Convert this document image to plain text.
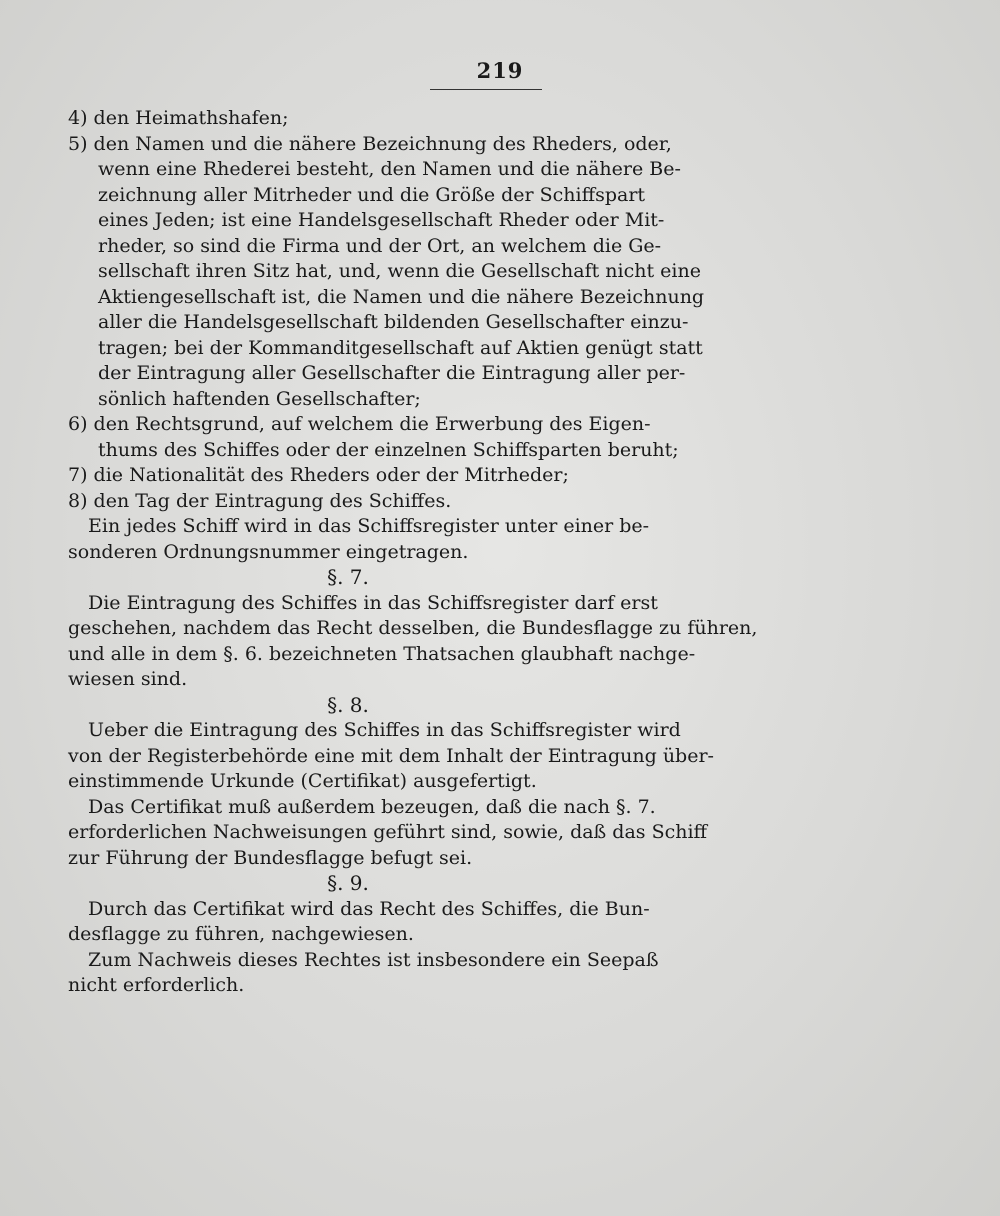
219
4) den Heimathshafen;
5) den Namen und die nähere Bezeichnung des Rheders, oder,
wenn eine Rhederei besteht, den Namen und die nähere Be-
zeichnung aller Mitrheder und die Größe der Schiffspart
eines Jeden; ist eine Handelsgesellschaft Rheder oder Mit-
rheder, so sind die Firma und der Ort, an welchem die Ge-
sellschaft ihren Sitz hat, und, wenn die Gesellschaft nicht eine
Aktiengesellschaft ist, die Namen und die nähere Bezeichnung
aller die Handelsgesellschaft bildenden Gesellschafter einzu-
tragen; bei der Kommanditgesellschaft auf Aktien genügt statt
der Eintragung aller Gesellschafter die Eintragung aller per-
sönlich haftenden Gesellschafter;
6) den Rechtsgrund, auf welchem die Erwerbung des Eigen-
thums des Schiffes oder der einzelnen Schiffsparten beruht;
7) die Nationalität des Rheders oder der Mitrheder;
8) den Tag der Eintragung des Schiffes.
Ein jedes Schiff wird in das Schiffsregister unter einer be-
sonderen Ordnungsnummer eingetragen.
§. 7.
Die Eintragung des Schiffes in das Schiffsregister darf erst
geschehen, nachdem das Recht desselben, die Bundesflagge zu führen,
und alle in dem §. 6. bezeichneten Thatsachen glaubhaft nachge-
wiesen sind.
§. 8.
Ueber die Eintragung des Schiffes in das Schiffsregister wird
von der Registerbehörde eine mit dem Inhalt der Eintragung über-
einstimmende Urkunde (Certifikat) ausgefertigt.
Das Certifikat muß außerdem bezeugen, daß die nach §. 7.
erforderlichen Nachweisungen geführt sind, sowie, daß das Schiff
zur Führung der Bundesflagge befugt sei.
§. 9.
Durch das Certifikat wird das Recht des Schiffes, die Bun-
desflagge zu führen, nachgewiesen.
Zum Nachweis dieses Rechtes ist insbesondere ein Seepaß
nicht erforderlich.
